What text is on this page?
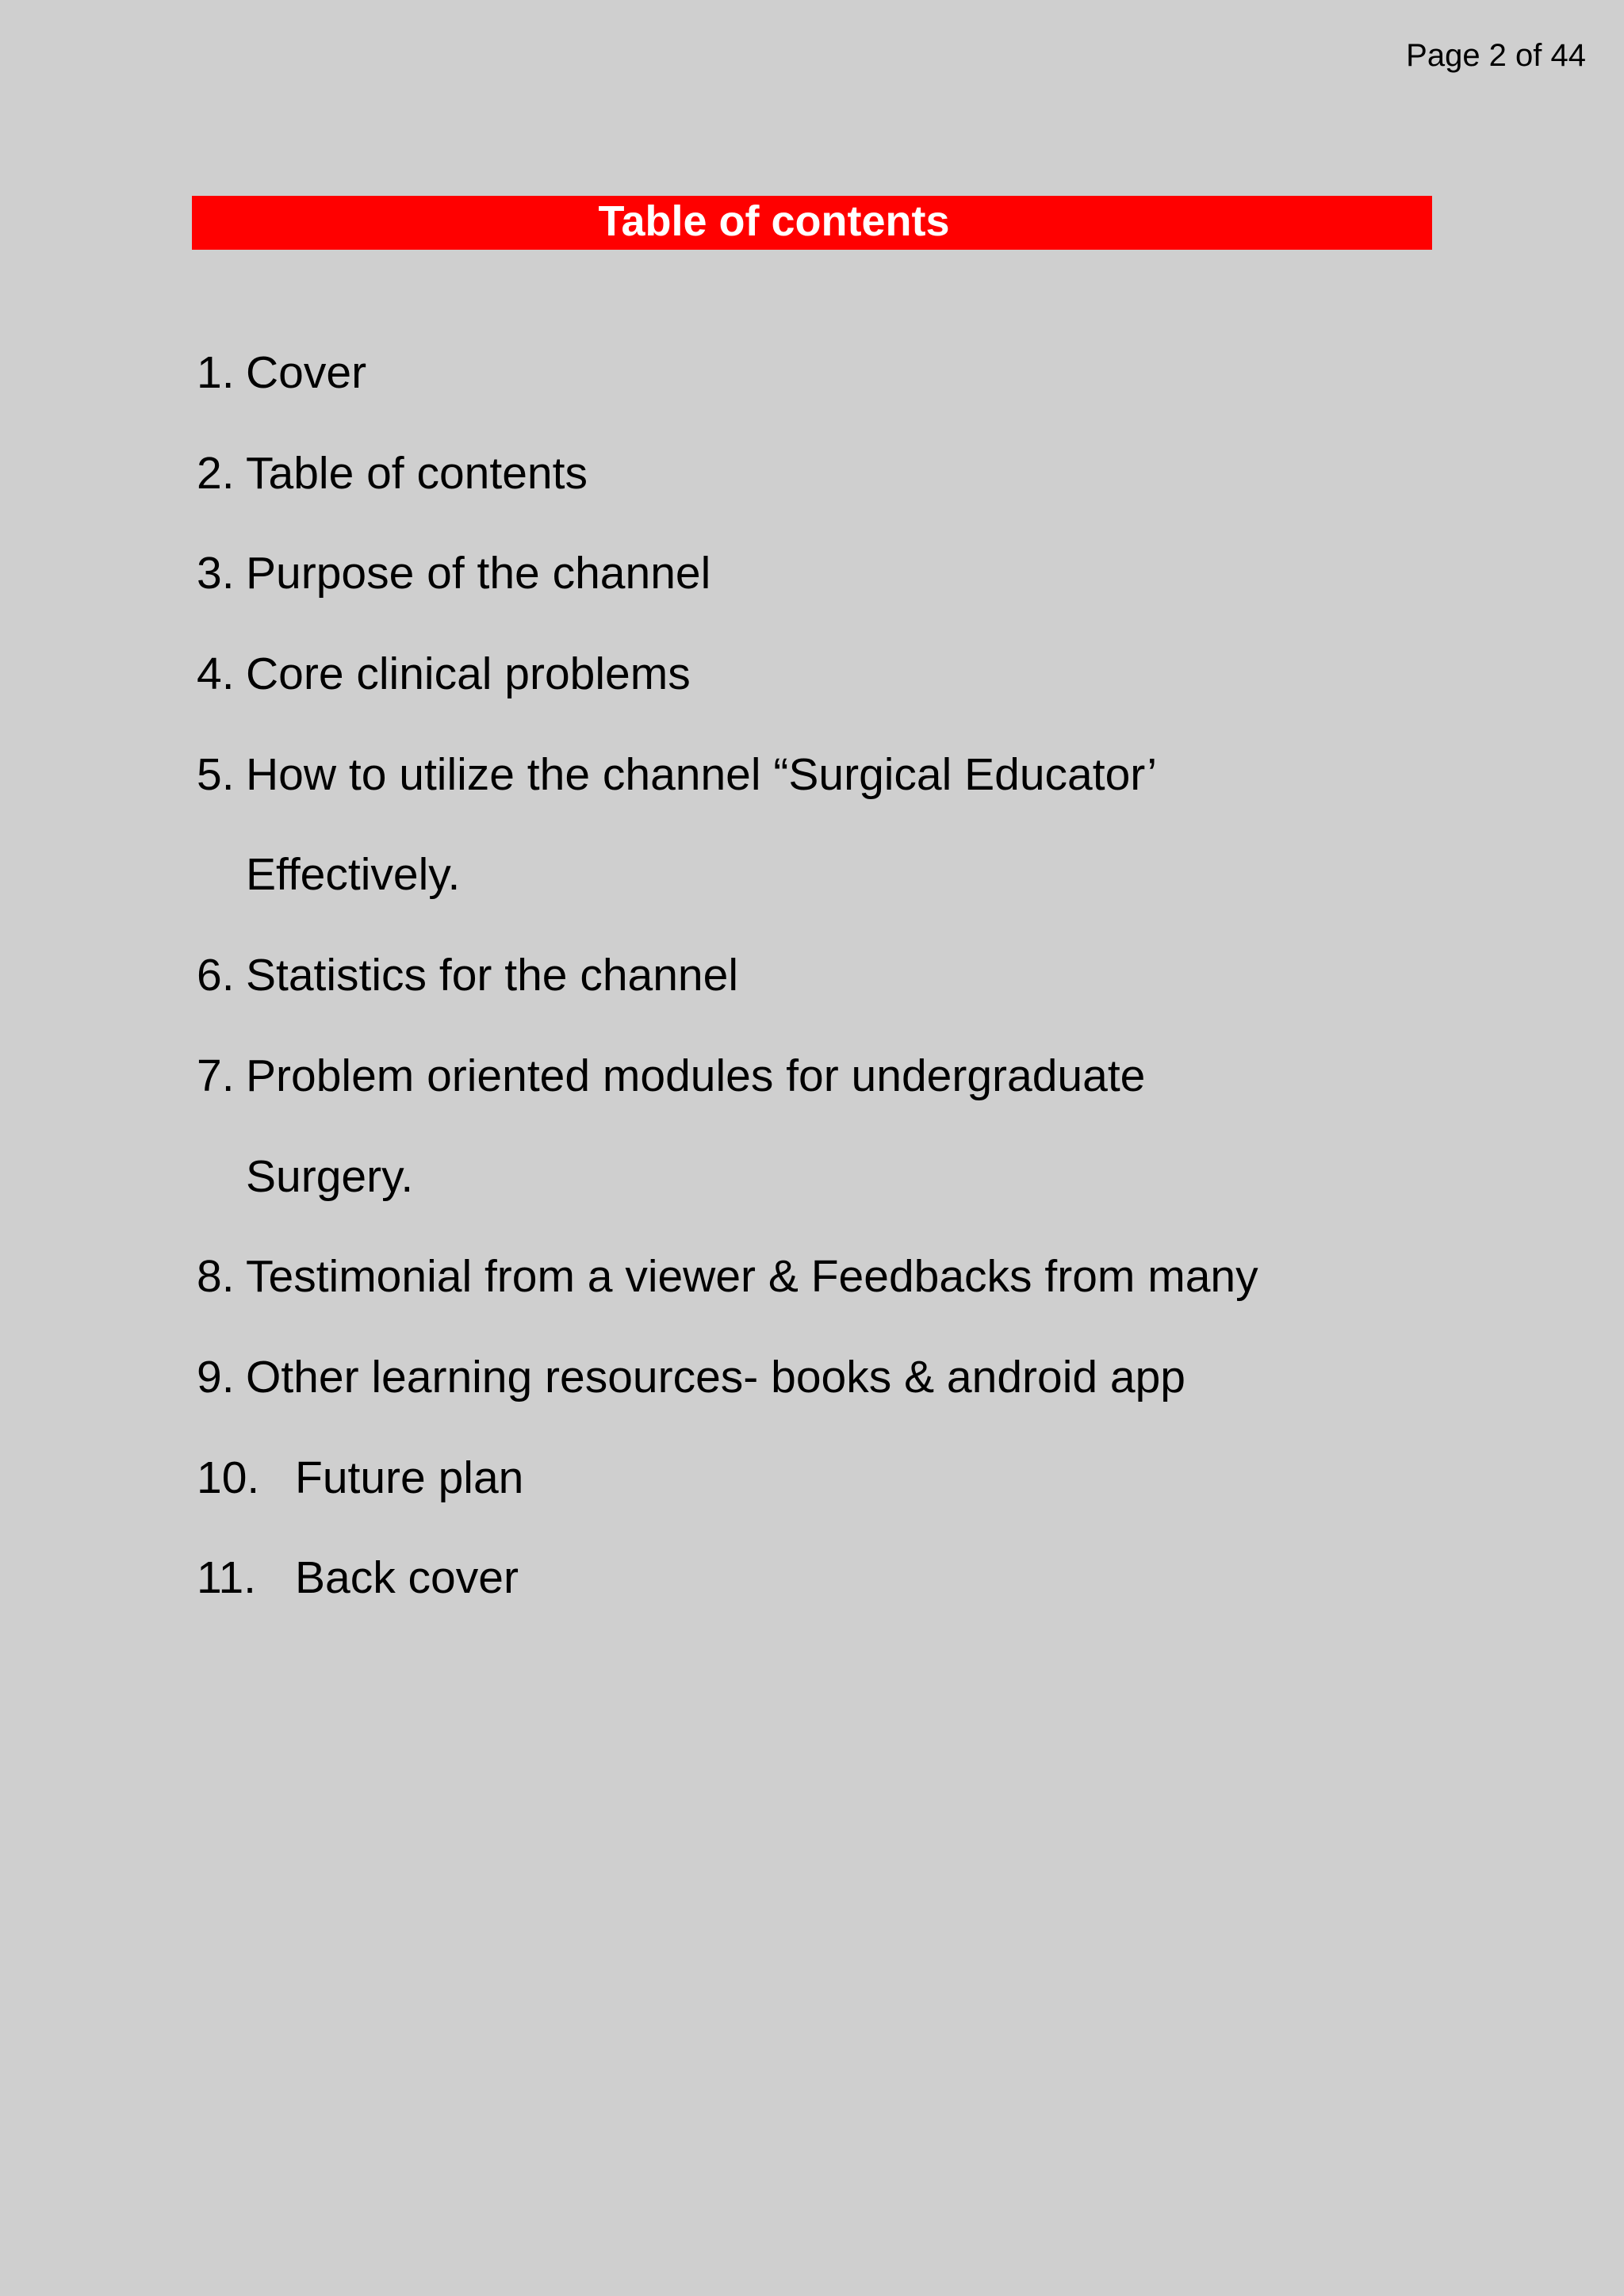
Page 2 of 44
Table of contents
1. Cover
2. Table of contents
3. Purpose of the channel
4. Core clinical problems
5. How to utilize the channel “Surgical Educator’
Effectively.
6. Statistics for the channel
7. Problem oriented modules for undergraduate
Surgery.
8. Testimonial from a viewer & Feedbacks from many
9. Other learning resources- books & android app
10. Future plan
11. Back cover
